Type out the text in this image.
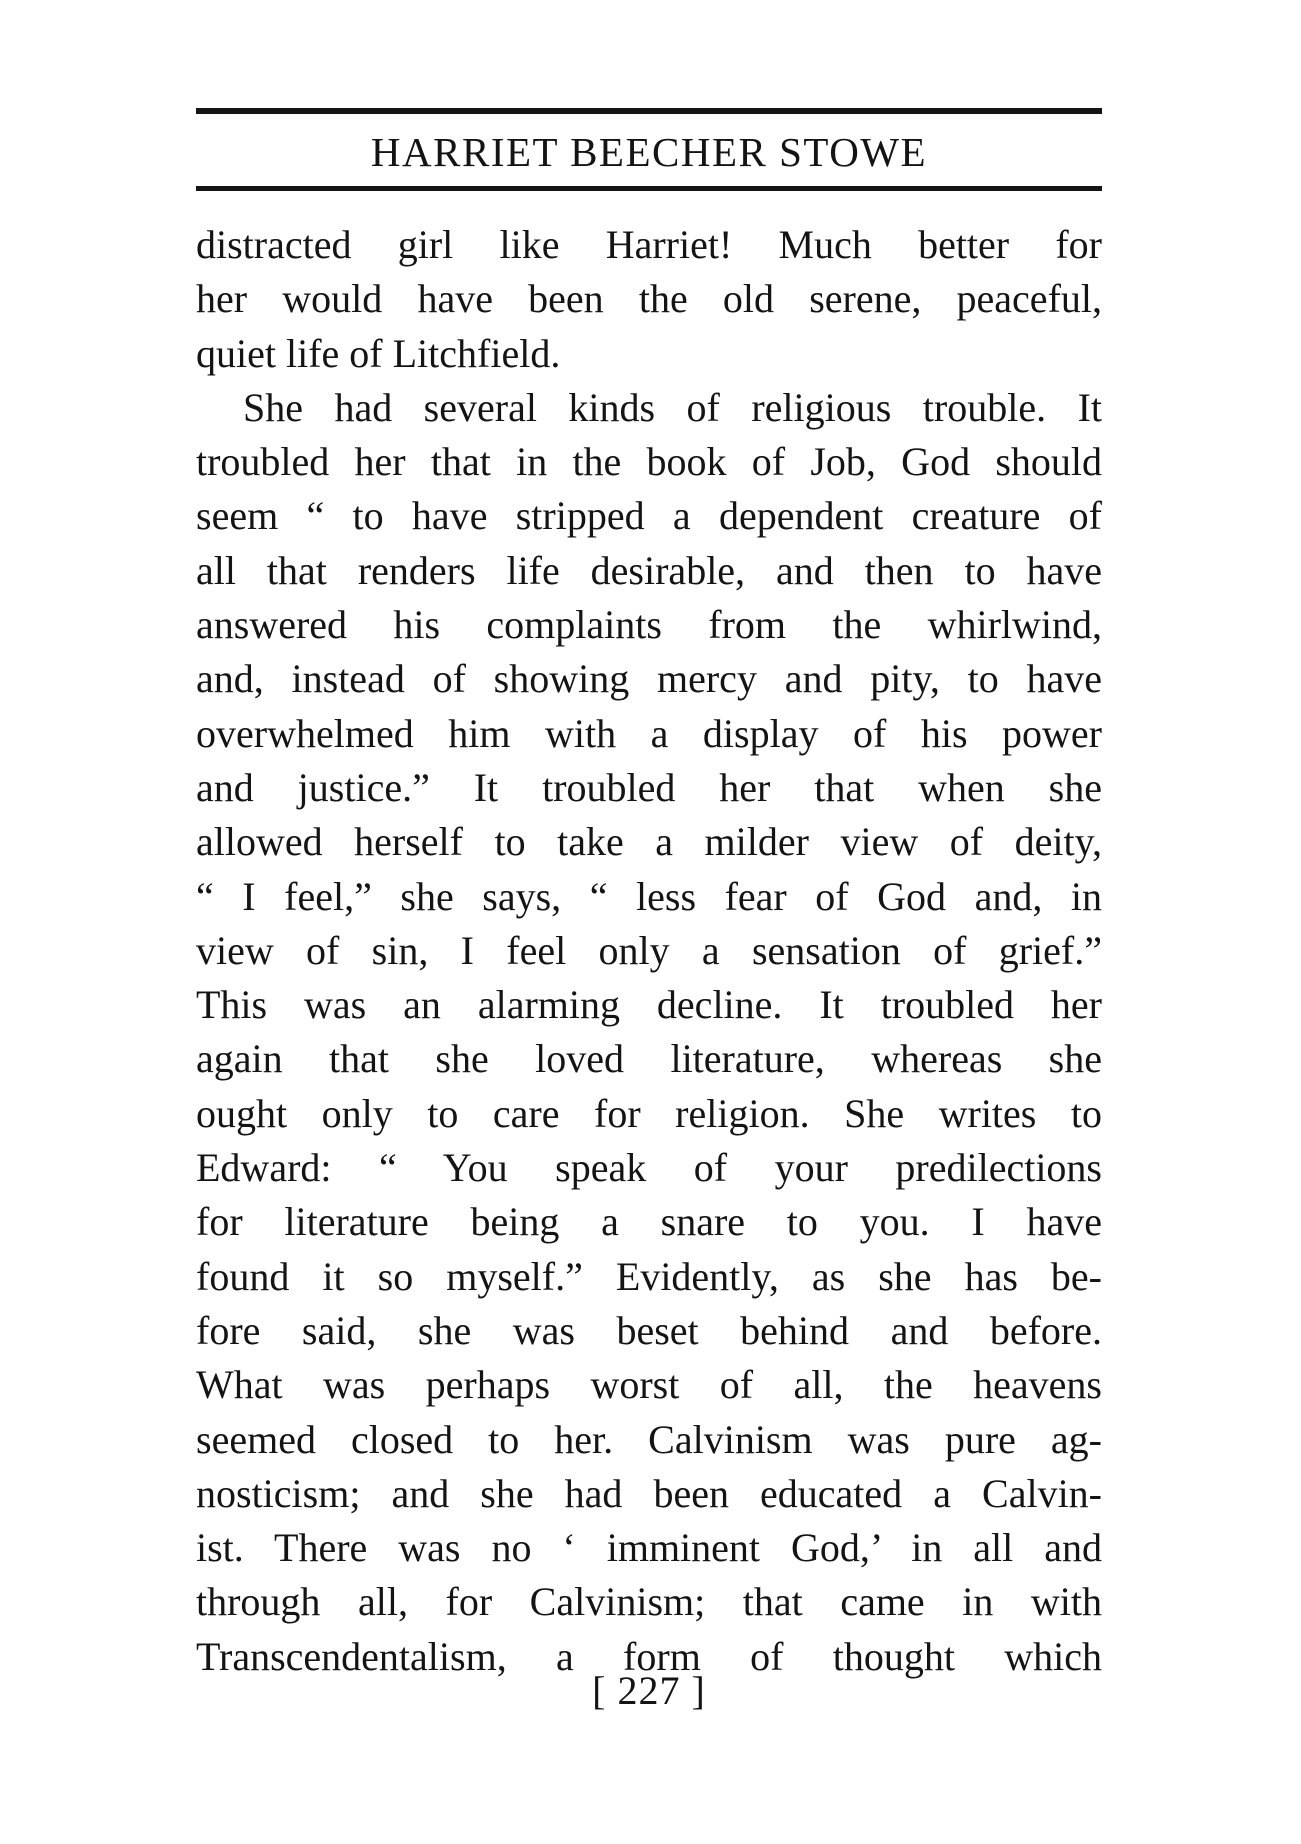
HARRIET BEECHER STOWE
distracted girl like Harriet! Much better for
her would have been the old serene, peaceful,
quiet life of Litchfield.
She had several kinds of religious trouble. It
troubled her that in the book of Job, God should
seem “ to have stripped a dependent creature of
all that renders life desirable, and then to have
answered his complaints from the whirlwind,
and, instead of showing mercy and pity, to have
overwhelmed him with a display of his power
and justice.” It troubled her that when she
allowed herself to take a milder view of deity,
“ I feel,” she says, “ less fear of God and, in
view of sin, I feel only a sensation of grief.”
This was an alarming decline. It troubled her
again that she loved literature, whereas she
ought only to care for religion. She writes to
Edward: “ You speak of your predilections
for literature being a snare to you. I have
found it so myself.” Evidently, as she has be-
fore said, she was beset behind and before.
What was perhaps worst of all, the heavens
seemed closed to her. Calvinism was pure ag-
nosticism; and she had been educated a Calvin-
ist. There was no ‘ imminent God,’ in all and
through all, for Calvinism; that came in with
Transcendentalism, a form of thought which
[ 227 ]
